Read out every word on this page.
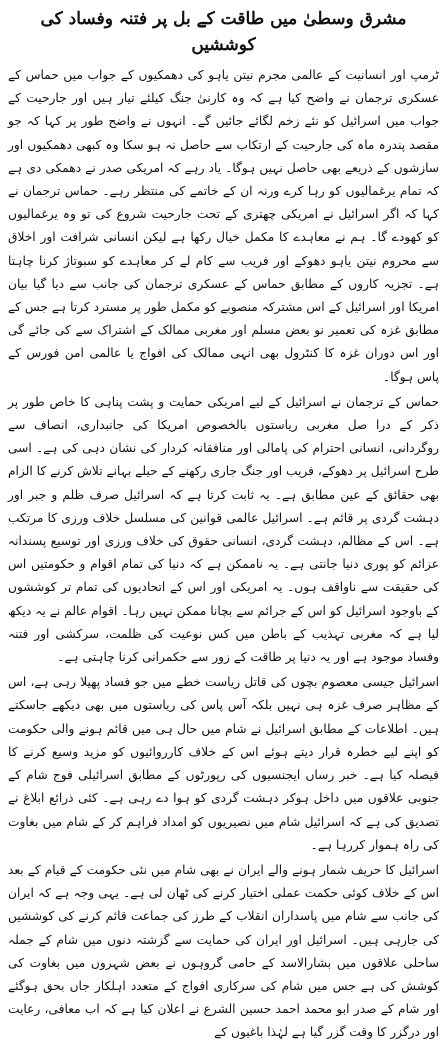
مشرق وسطیٰ میں طاقت کے بل پر فتنہ وفساد کی کوششیں

ٹرمپ اور انسانیت کے عالمی مجرم نیتن یاہو کی دھمکیوں کے جواب میں حماس کے عسکری ترجمان نے واضح کیا ہے کہ وہ کارنیٰ جنگ کیلئے تیار ہیں اور جارحیت کے جواب میں اسرائیل کو نئے زخم لگائے جائیں گے۔ انہوں نے واضح طور پر کہا کہ جو مقصد پندرہ ماہ کی جارحیت کے ارتکاب سے حاصل نہ ہو سکا وہ کبھی دھمکیوں اور سازشوں کے ذریعے بھی حاصل نہیں ہوگا۔ یاد رہے کہ امریکی صدر نے دھمکی دی ہے کہ تمام یرغمالیوں کو رہا کرے ورنہ ان کے خاتمے کی منتظر رہے۔ حماس ترجمان نے کہا کہ اگر اسرائیل نے امریکی چھتری کے تحت جارحیت شروع کی تو وہ یرغمالیوں کو کھودے گا۔ ہم نے معاہدے کا مکمل خیال رکھا ہے لیکن انسانی شرافت اور اخلاق سے محروم نیتن یاہو دھوکے اور فریب سے کام لے کر معاہدے کو سبوتاژ کرنا چاہتا ہے۔ تجزیہ کاروں کے مطابق حماس کے عسکری ترجمان کی جانب سے دیا گیا بیان امریکا اور اسرائیل کے اس مشترکہ منصوبے کو مکمل طور پر مسترد کرتا ہے جس کے مطابق غزہ کی تعمیر نو بعض مسلم اور مغربی ممالک کے اشتراک سے کی جائے گی اور اس دوران غزہ کا کنٹرول بھی انہی ممالک کی افواج یا عالمی امن فورس کے پاس ہوگا۔

حماس کے ترجمان نے اسرائیل کے لیے امریکی حمایت و پشت پناہی کا خاص طور پر ذکر کے درا صل مغربی ریاستوں بالخصوص امریکا کی جانبداری، انصاف سے روگردانی، انسانی احترام کی پامالی اور منافقانہ کردار کی نشان دہی کی ہے۔ اسی طرح اسرائیل پر دھوکے، فریب اور جنگ جاری رکھنے کے حیلے بہانے تلاش کرنے کا الزام بھی حقائق کے عین مطابق ہے۔ یہ ثابت کرتا ہے کہ اسرائیل صرف ظلم و جبر اور دہشت گردی پر قائم ہے۔ اسرائیل عالمی قوانین کی مسلسل خلاف ورزی کا مرتکب ہے۔ اس کے مظالم، دہشت گردی، انسانی حقوق کی خلاف ورزی اور توسیع پسندانہ عزائم کو پوری دنیا جانتی ہے۔ یہ ناممکن ہے کہ دنیا کی تمام اقوام و حکومتیں اس کی حقیقت سے ناواقف ہوں۔ یہ امریکی اور اس کے اتحادیوں کی تمام تر کوششوں کے باوجود اسرائیل کو اس کے جرائم سے بچانا ممکن نہیں رہا۔ اقوام عالم نے یہ دیکھ لیا ہے کہ مغربی تہذیب کے باطن میں کس نوعیت کی ظلمت، سرکشی اور فتنہ وفساد موجود ہے اور یہ دنیا پر طاقت کے زور سے حکمرانی کرنا چاہتی ہے۔

اسرائیل جیسی معصوم بچوں کی قاتل ریاست خطے میں جو فساد پھیلا رہی ہے، اس کے مظاہر صرف غزہ ہی نہیں بلکہ آس پاس کی ریاستوں میں بھی دیکھے جاسکتے ہیں۔ اطلاعات کے مطابق اسرائیل نے شام میں حال ہی میں قائم ہونے والی حکومت کو اپنے لیے خطرہ قرار دیتے ہوئے اس کے خلاف کارروائیوں کو مزید وسیع کرنے کا فیصلہ کیا ہے۔ خبر رساں ایجنسیوں کی رپورٹوں کے مطابق اسرائیلی فوج شام کے جنوبی علاقوں میں داخل ہوکر دہشت گردی کو ہوا دے رہی ہے۔ کئی ذرائع ابلاغ نے تصدیق کی ہے کہ اسرائیل شام میں نصیریوں کو امداد فراہم کر کے شام میں بغاوت کی راہ ہموار کررہا ہے۔

اسرائیل کا حریف شمار ہونے والے ایران نے بھی شام میں نئی حکومت کے قیام کے بعد اس کے خلاف کوئی حکمت عملی اختیار کرنے کی ٹھان لی ہے۔ یہی وجہ ہے کہ ایران کی جانب سے شام میں پاسداران انقلاب کے طرز کی جماعت قائم کرنے کی کوششیں کی جارہی ہیں۔ اسرائیل اور ایران کی حمایت سے گزشتہ دنوں میں شام کے جملہ ساحلی علاقوں میں بشارالاسد کے حامی گروہوں نے بعض شہروں میں بغاوت کی کوشش کی ہے جس میں شام کی سرکاری افواج کے متعدد اہلکار جاں بحق ہوگئے اور شام کے صدر ابو محمد احمد حسین الشرع نے اعلان کیا ہے کہ اب معافی، رعایت اور درگزر کا وقت گزر گیا ہے لہٰذا باغیوں کے
